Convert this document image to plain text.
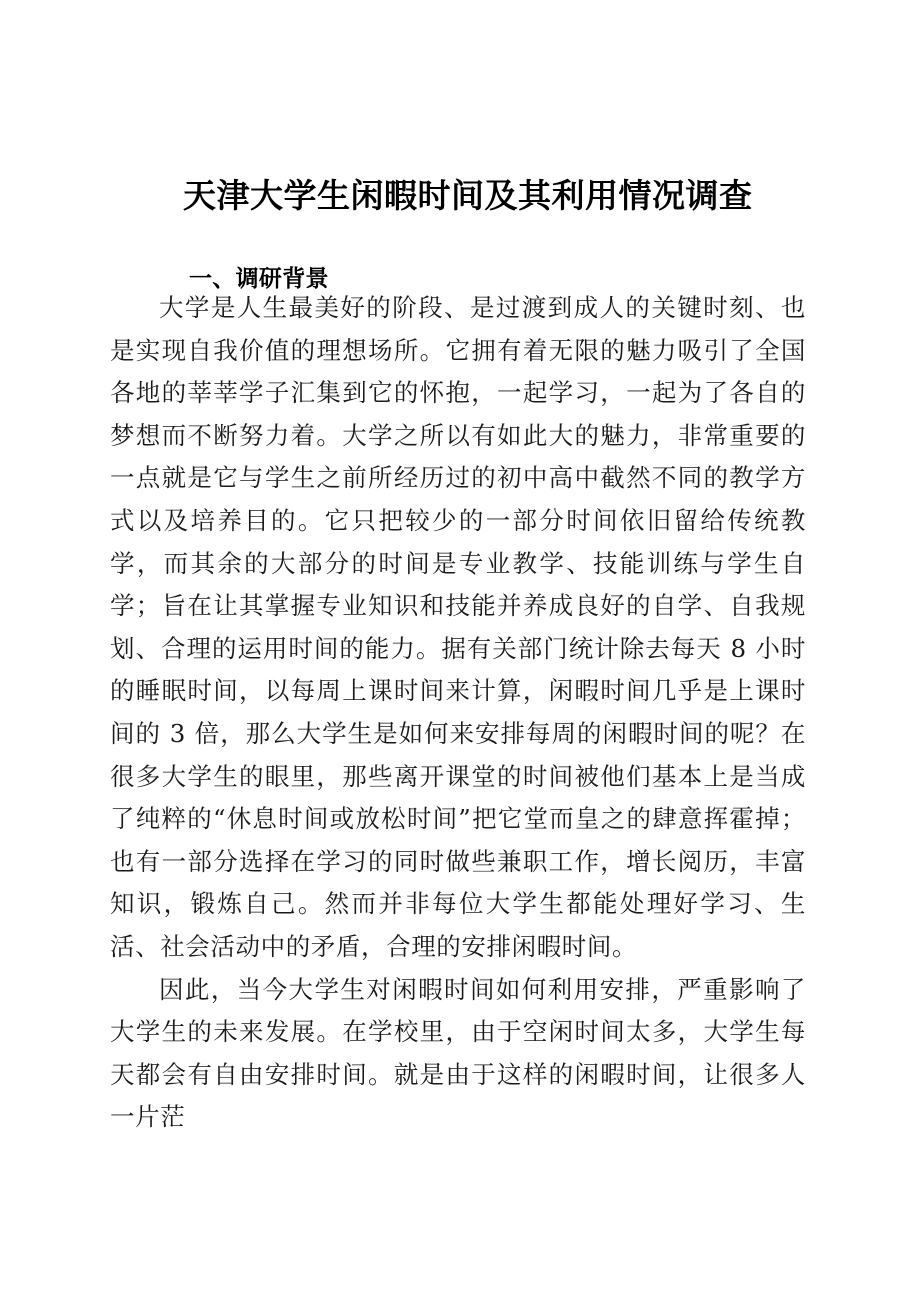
天津大学生闲暇时间及其利用情况调查
一、调研背景

大学是人生最美好的阶段、是过渡到成人的关键时刻、也是实现自我价值的理想场所。它拥有着无限的魅力吸引了全国各地的莘莘学子汇集到它的怀抱，一起学习，一起为了各自的梦想而不断努力着。大学之所以有如此大的魅力，非常重要的一点就是它与学生之前所经历过的初中高中截然不同的教学方式以及培养目的。它只把较少的一部分时间依旧留给传统教学，而其余的大部分的时间是专业教学、技能训练与学生自学；旨在让其掌握专业知识和技能并养成良好的自学、自我规划、合理的运用时间的能力。据有关部门统计除去每天 8 小时的睡眠时间，以每周上课时间来计算，闲暇时间几乎是上课时间的 3 倍，那么大学生是如何来安排每周的闲暇时间的呢？在很多大学生的眼里，那些离开课堂的时间被他们基本上是当成了纯粹的“休息时间或放松时间”把它堂而皇之的肆意挥霍掉；也有一部分选择在学习的同时做些兼职工作，增长阅历，丰富知识，锻炼自己。然而并非每位大学生都能处理好学习、生活、社会活动中的矛盾，合理的安排闲暇时间。

因此，当今大学生对闲暇时间如何利用安排，严重影响了大学生的未来发展。在学校里，由于空闲时间太多，大学生每天都会有自由安排时间。就是由于这样的闲暇时间，让很多人一片茫
